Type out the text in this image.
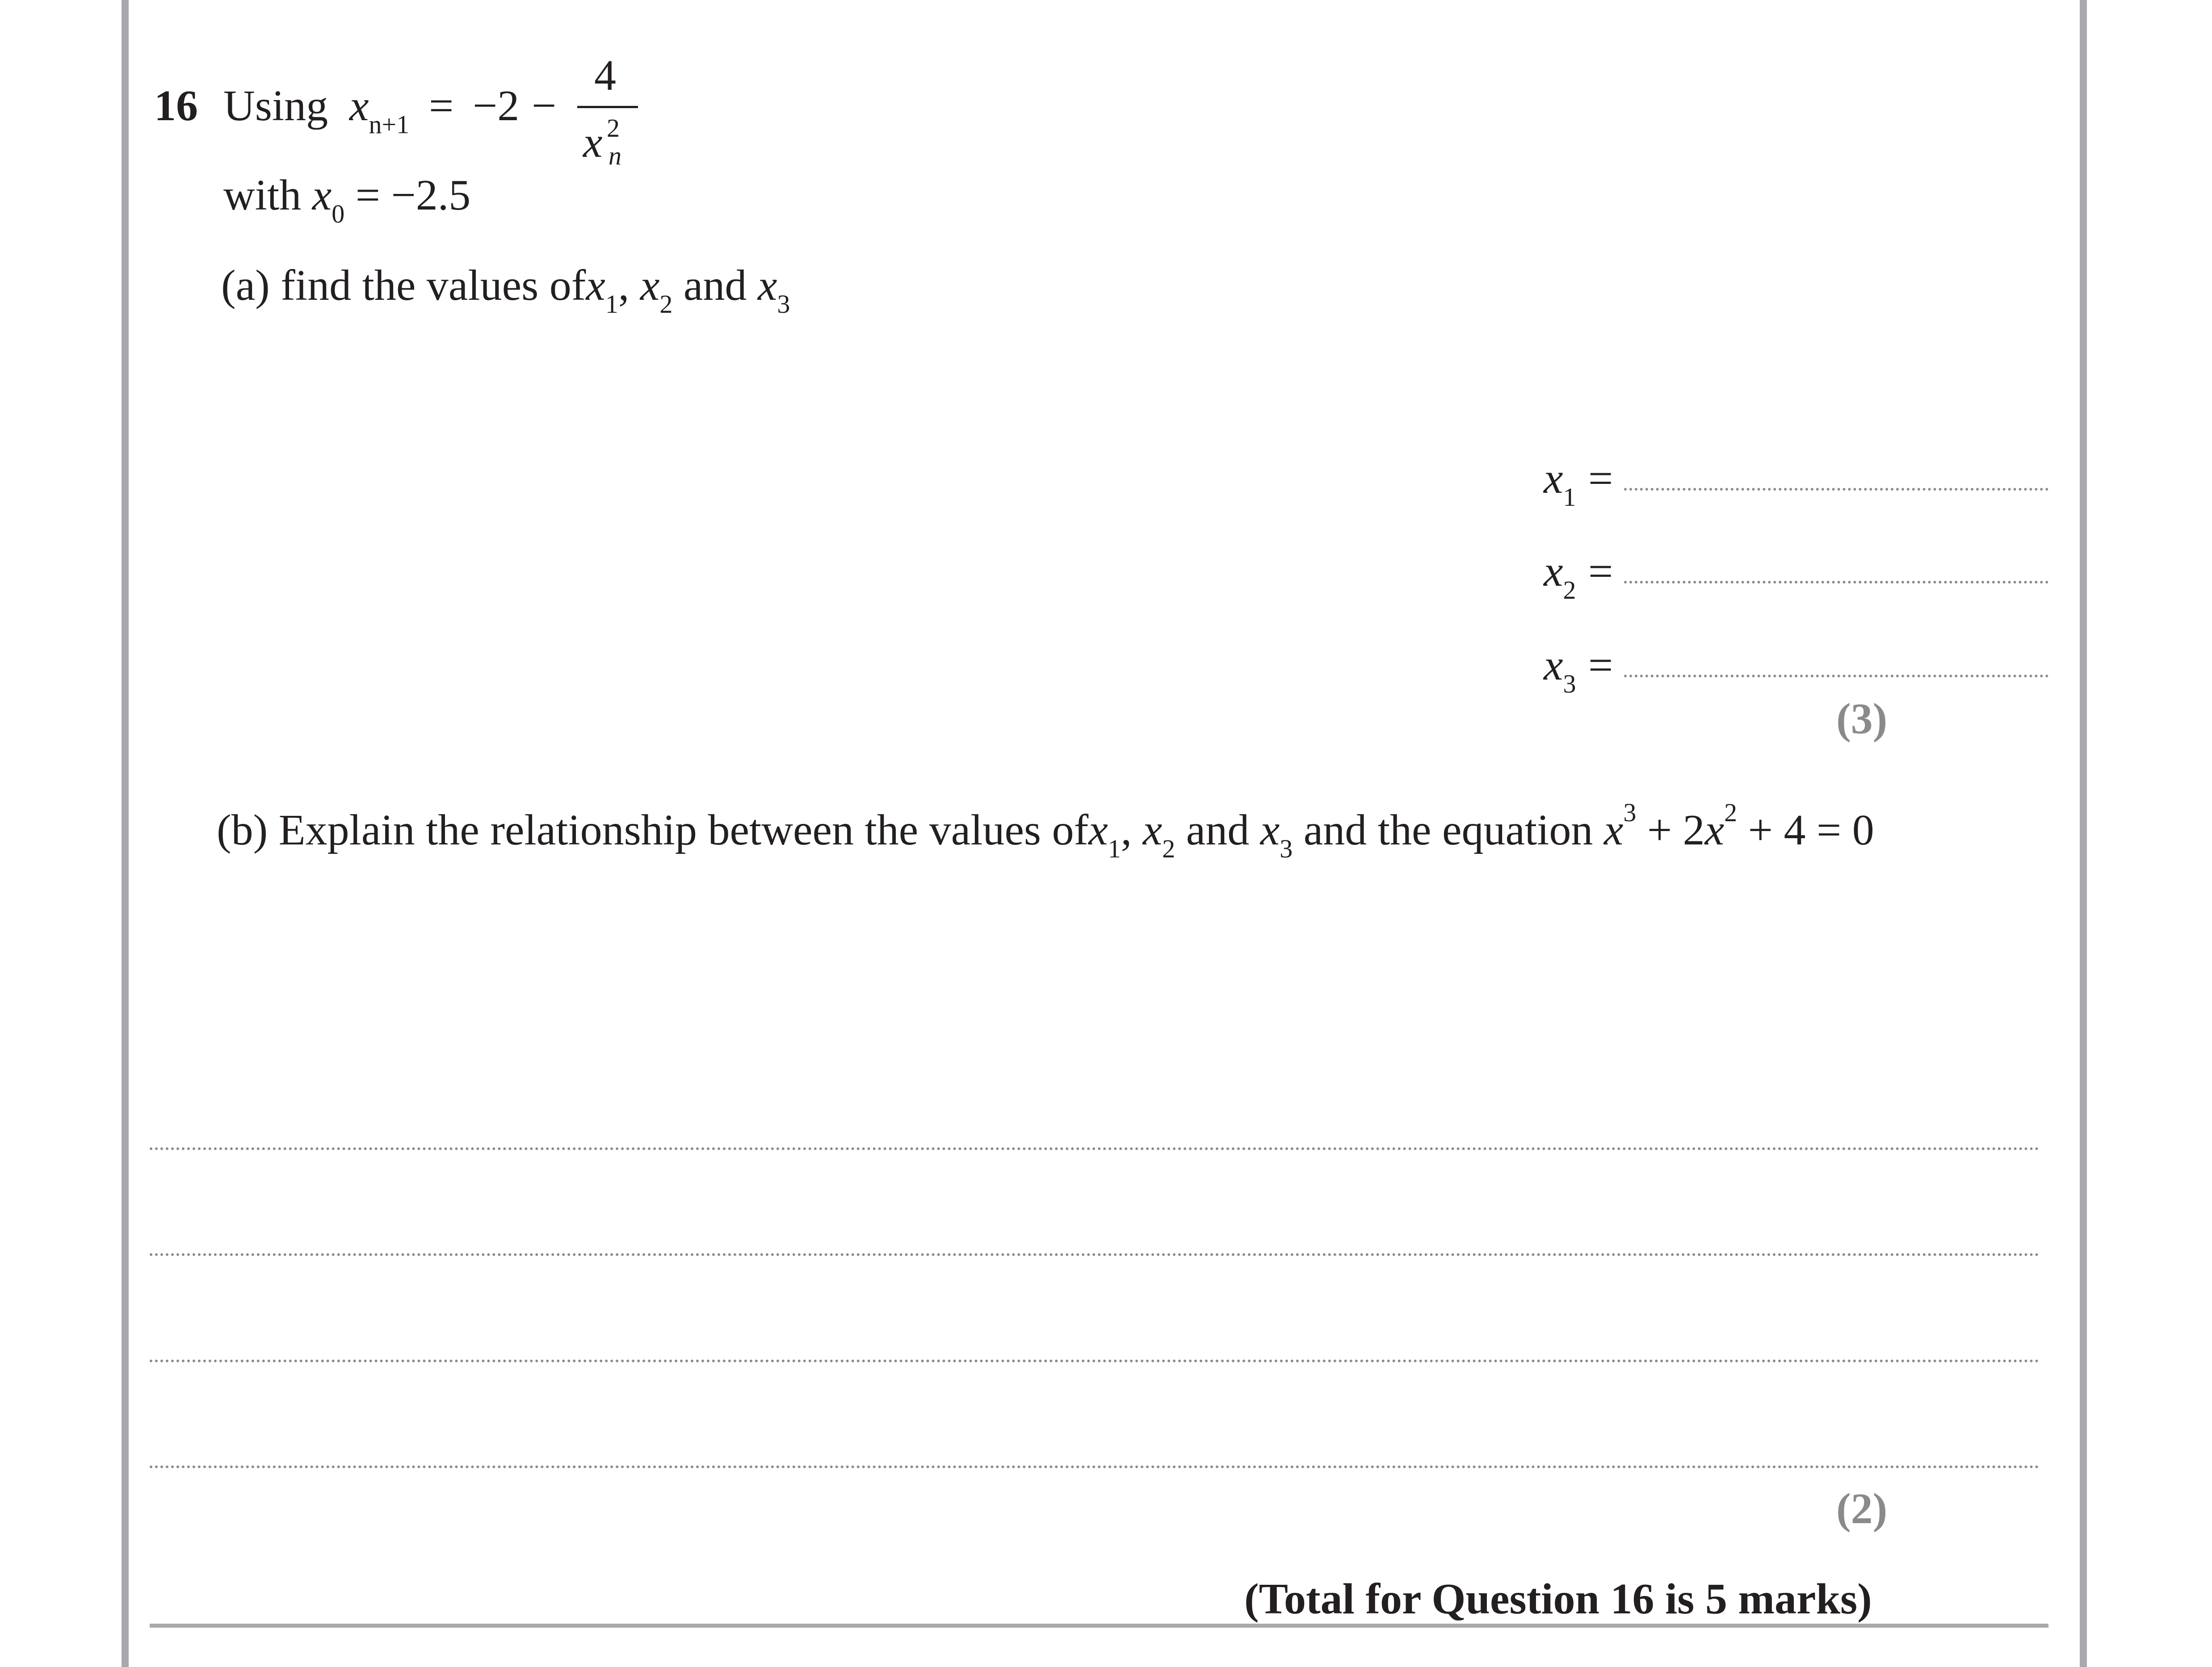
16 Using $x_{n+1} = -2$ −
4
x 2
n
with $x_0 = -2.5$
(a) find the values ofx$_1$, $x_2$ and $x_3$
$x_1$ =
$x_2$ =
$x_3$ =
(3)
(b) Explain the relationship between the values ofx$_1$, $x_2$ and $x_3$ and the equation $x^3 + 2x^2 + 4 = 0$
(2)
(Total for Question 16 is 5 marks)
